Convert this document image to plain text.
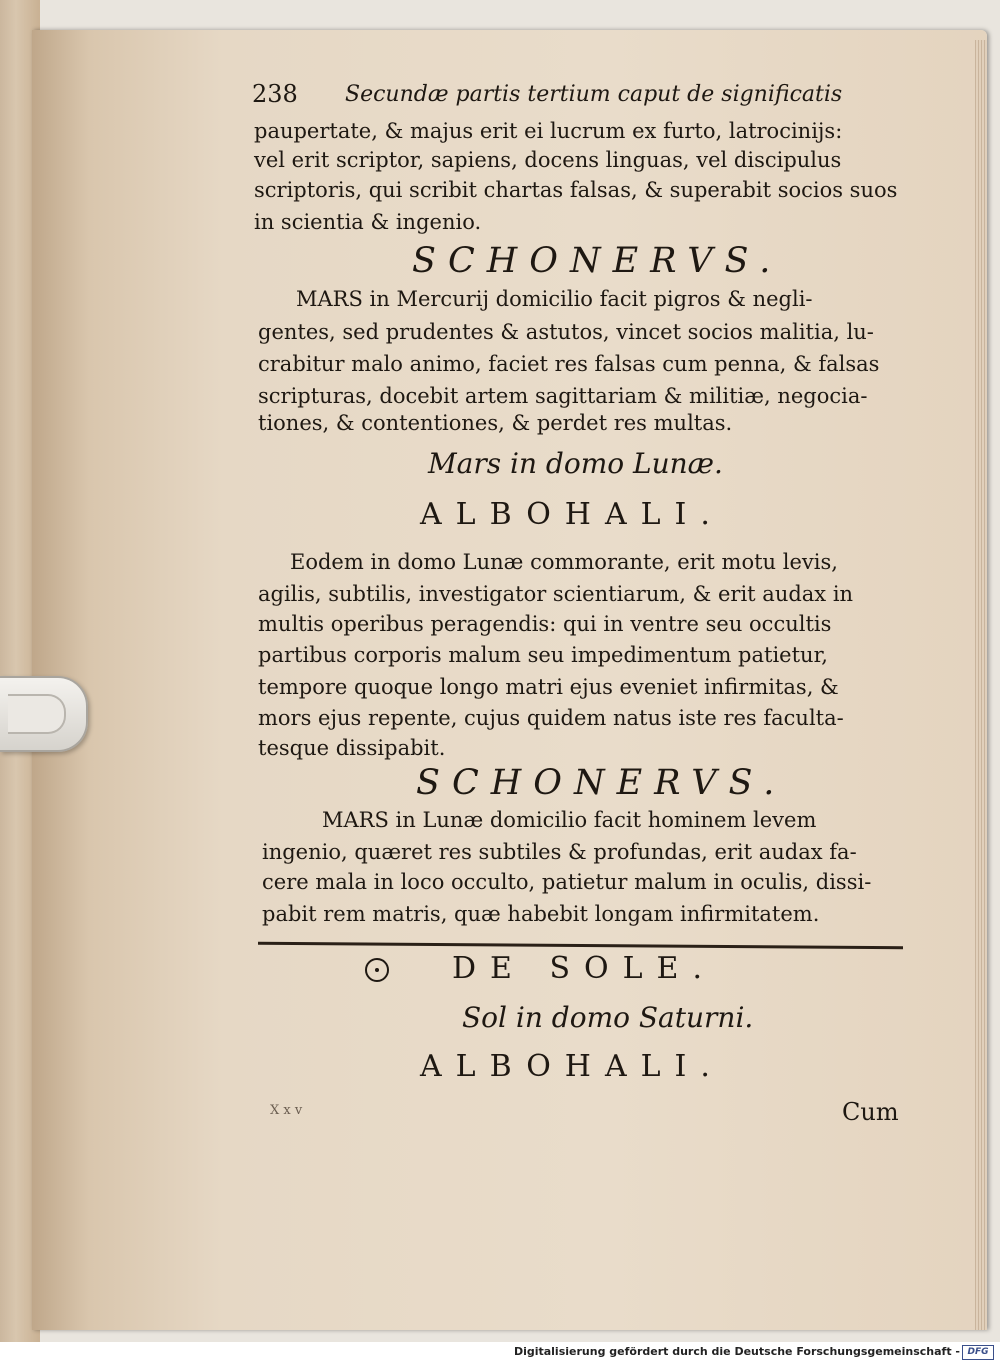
238 Secundæ partis tertium caput de significatis

paupertate, & majus erit ei lucrum ex furto, latrocinijs:

vel erit scriptor, sapiens, docens linguas, vel discipulus

scriptoris, qui scribit chartas falsas, & superabit socios suos

in scientia & ingenio.

SCHONERVS.

MARS in Mercurij domicilio facit pigros & negli-

gentes, sed prudentes & astutos, vincet socios malitia, lu-

crabitur malo animo, faciet res falsas cum penna, & falsas

scripturas, docebit artem sagittariam & militiæ, negocia-

tiones, & contentiones, & perdet res multas.

Mars in domo Lunæ.

ALBOHALI.

Eodem in domo Lunæ commorante, erit motu levis,

agilis, subtilis, investigator scientiarum, & erit audax in

multis operibus peragendis: qui in ventre seu occultis

partibus corporis malum seu impedimentum patietur,

tempore quoque longo matri ejus eveniet infirmitas, &

mors ejus repente, cujus quidem natus iste res faculta-

tesque dissipabit.

SCHONERVS.

MARS in Lunæ domicilio facit hominem levem

ingenio, quæret res subtiles & profundas, erit audax fa-

cere mala in loco occulto, patietur malum in oculis, dissi-

pabit rem matris, quæ habebit longam infirmitatem.

DE SOLE.

Sol in domo Saturni.

ALBOHALI.

X x v	Cum

Digitalisierung gefördert durch die Deutsche Forschungsgemeinschaft - DFG
